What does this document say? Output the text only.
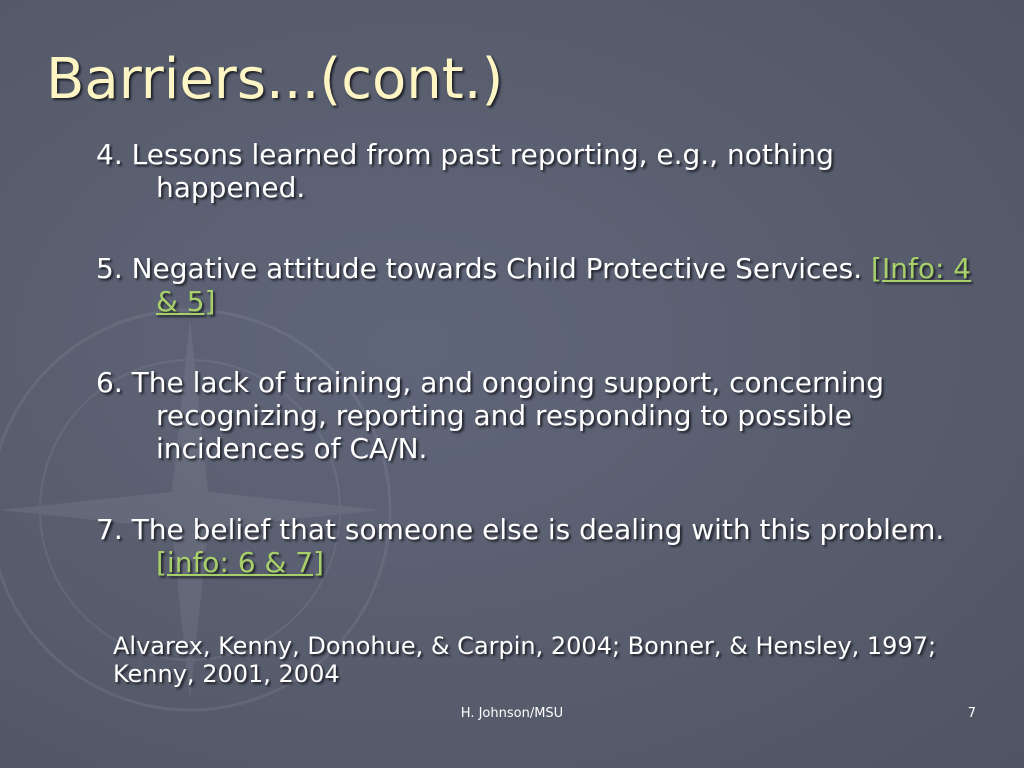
Barriers...(cont.)
4. Lessons learned from past reporting, e.g., nothing happened.
5. Negative attitude towards Child Protective Services. [Info: 4 & 5]
6. The lack of training, and ongoing support, concerning recognizing, reporting and responding to possible incidences of CA/N.
7. The belief that someone else is dealing with this problem. [info: 6 & 7]
Alvarex, Kenny, Donohue, & Carpin, 2004; Bonner, & Hensley, 1997; Kenny, 2001, 2004
H. Johnson/MSU	7
